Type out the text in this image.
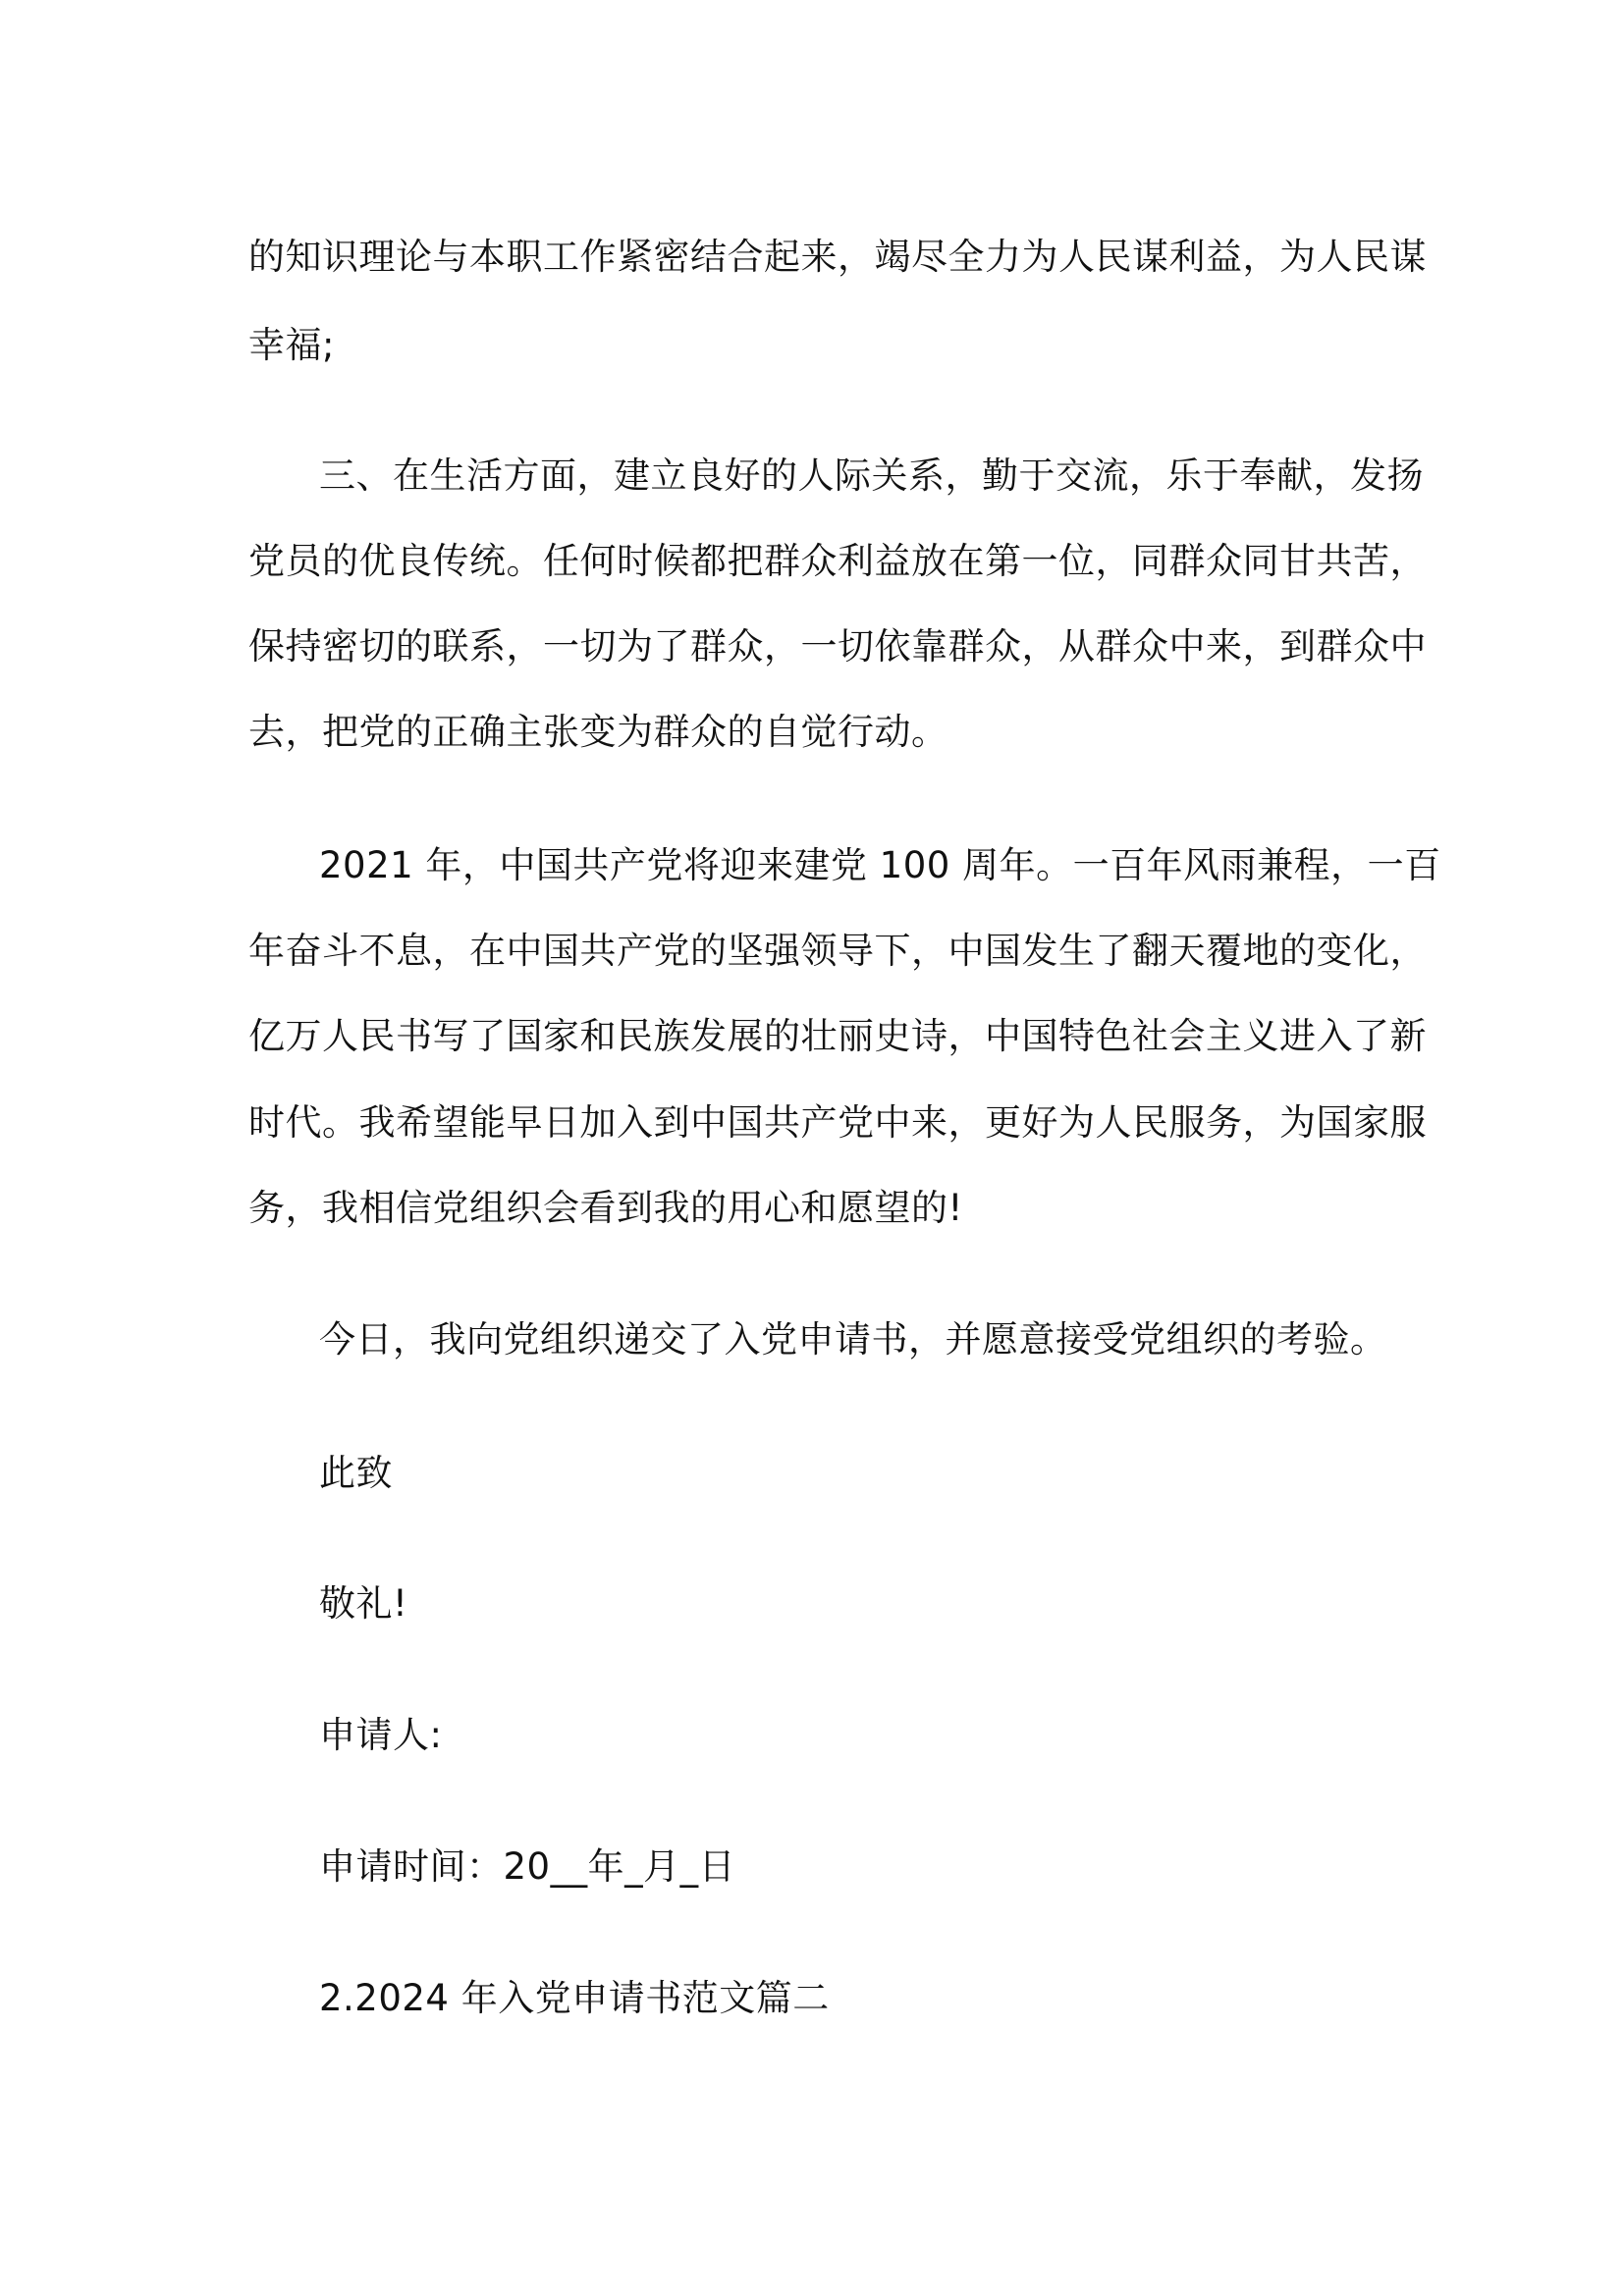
的知识理论与本职工作紧密结合起来，竭尽全力为人民谋利益，为人民谋
幸福;
三、在生活方面，建立良好的人际关系，勤于交流，乐于奉献，发扬
党员的优良传统。任何时候都把群众利益放在第一位，同群众同甘共苦，
保持密切的联系，一切为了群众，一切依靠群众，从群众中来，到群众中
去，把党的正确主张变为群众的自觉行动。
2021 年，中国共产党将迎来建党 100 周年。一百年风雨兼程，一百
年奋斗不息，在中国共产党的坚强领导下，中国发生了翻天覆地的变化，
亿万人民书写了国家和民族发展的壮丽史诗，中国特色社会主义进入了新
时代。我希望能早日加入到中国共产党中来，更好为人民服务，为国家服
务，我相信党组织会看到我的用心和愿望的!
今日，我向党组织递交了入党申请书，并愿意接受党组织的考验。
此致
敬礼!
申请人:
申请时间：20__年_月_日
2.2024 年入党申请书范文篇二
